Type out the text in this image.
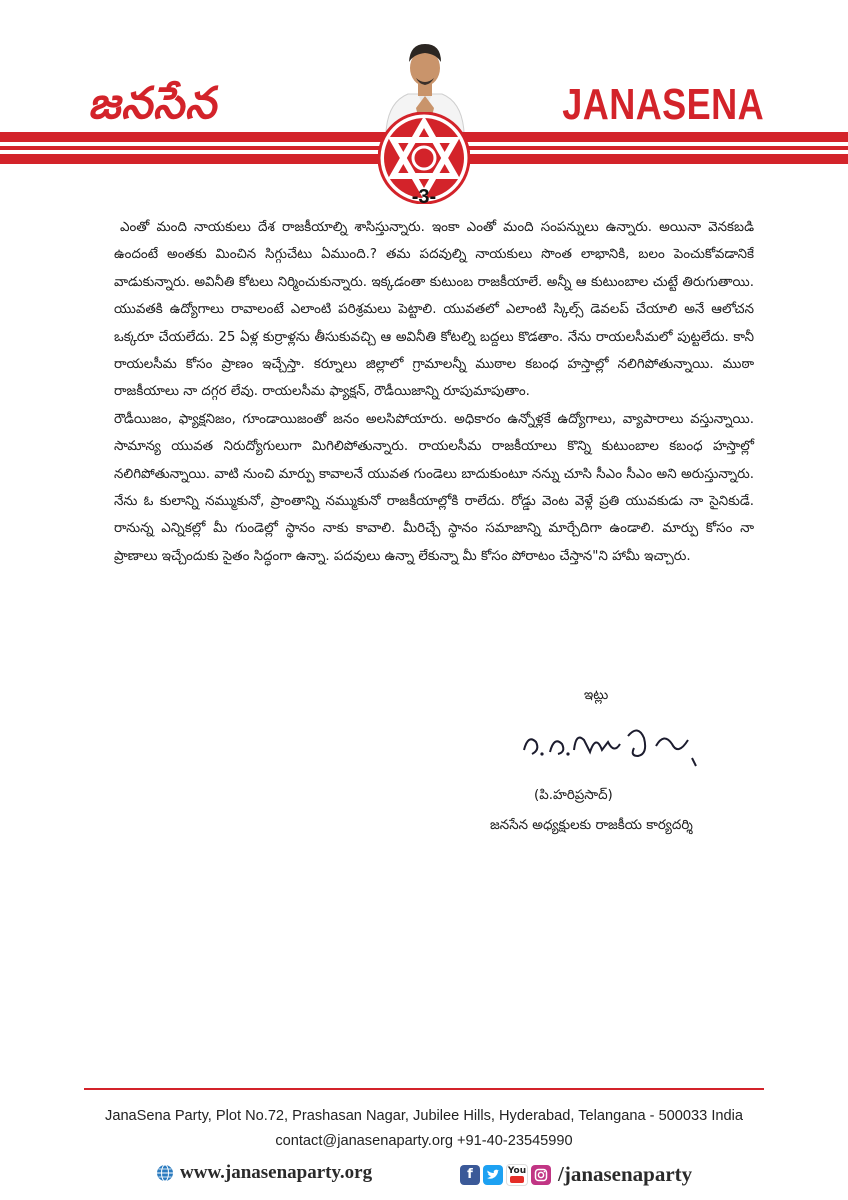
జనసేన	JANASENA
-3-

ఎంతో మంది నాయకులు దేశ రాజకీయాల్ని శాసిస్తున్నారు. ఇంకా ఎంతో మంది సంపన్నులు ఉన్నారు. అయినా వెనకబడి ఉందంటే అంతకు మించిన సిగ్గుచేటు ఏముంది.? తమ పదవుల్ని నాయకులు సొంత లాభానికి, బలం పెంచుకోవడానికే వాడుకున్నారు. అవినీతి కోటలు నిర్మించుకున్నారు. ఇక్కడంతా కుటుంబ రాజకీయాలే. అన్నీ ఆ కుటుంబాల చుట్టే తిరుగుతాయి. యువతకి ఉద్యోగాలు రావాలంటే ఎలాంటి పరిశ్రమలు పెట్టాలి. యువతలో ఎలాంటి స్కిల్స్ డెవలప్ చేయాలి అనే ఆలోచన ఒక్కరూ చేయలేదు. 25 ఏళ్ల కుర్రాళ్లను తీసుకువచ్చి ఆ అవినీతి కోటల్ని బద్దలు కొడతాం. నేను రాయలసీమలో పుట్టలేదు. కానీ రాయలసీమ కోసం ప్రాణం ఇచ్చేస్తా. కర్నూలు జిల్లాలో గ్రామాలన్నీ ముఠాల కబంధ హస్తాల్లో నలిగిపోతున్నాయి. ముఠా రాజకీయాలు నా దగ్గర లేవు. రాయలసీమ ఫ్యాక్షన్, రౌడీయిజాన్ని రూపుమాపుతాం.

రౌడీయిజం, ఫ్యాక్షనిజం, గూండాయిజంతో జనం అలసిపోయారు. అధికారం ఉన్నోళ్లకే ఉద్యోగాలు, వ్యాపారాలు వస్తున్నాయి. సామాన్య యువత నిరుద్యోగులుగా మిగిలిపోతున్నారు. రాయలసీమ రాజకీయాలు కొన్ని కుటుంబాల కబంధ హస్తాల్లో నలిగిపోతున్నాయి. వాటి నుంచి మార్పు కావాలనే యువత గుండెలు బాదుకుంటూ నన్ను చూసి సీఎం సీఎం అని అరుస్తున్నారు. నేను ఓ కులాన్ని నమ్ముకునో, ప్రాంతాన్ని నమ్ముకునో రాజకీయాల్లోకి రాలేదు. రోడ్డు వెంట వెళ్లే ప్రతి యువకుడు నా సైనికుడే. రానున్న ఎన్నికల్లో మీ గుండెల్లో స్థానం నాకు కావాలి. మీరిచ్చే స్థానం సమాజాన్ని మార్చేదిగా ఉండాలి. మార్పు కోసం నా ప్రాణాలు ఇచ్చేందుకు సైతం సిద్ధంగా ఉన్నా. పదవులు ఉన్నా లేకున్నా మీ కోసం పోరాటం చేస్తాన"ని హామీ ఇచ్చారు.

ఇట్లు
(పి.హరిప్రసాద్)
జనసేన అధ్యక్షులకు రాజకీయ కార్యదర్శి
JanaSena Party, Plot No.72, Prashasan Nagar, Jubilee Hills, Hyderabad, Telangana - 500033 India
contact@janasenaparty.org +91-40-23545990
www.janasenaparty.org	f	You /janasenaparty
